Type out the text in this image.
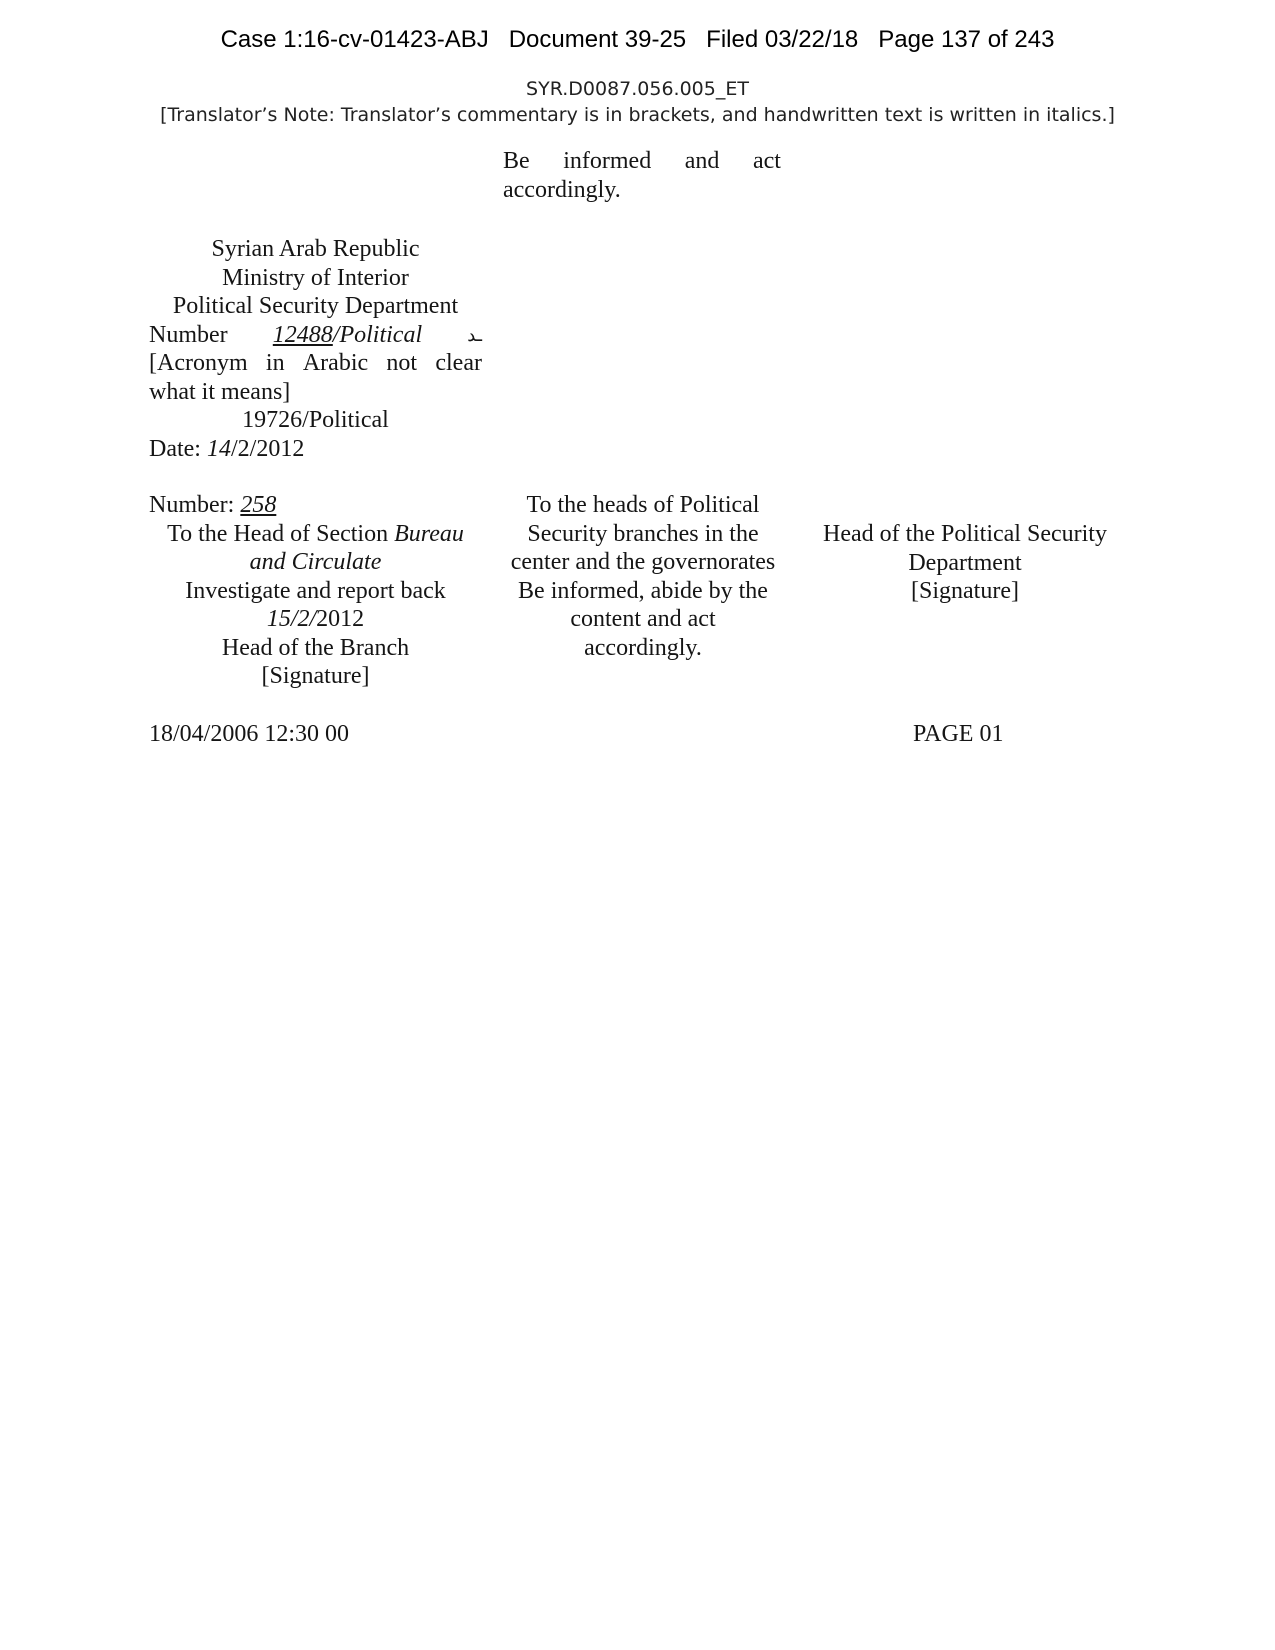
Case 1:16-cv-01423-ABJ Document 39-25 Filed 03/22/18 Page 137 of 243
SYR.D0087.056.005_ET
[Translator’s Note: Translator’s commentary is in brackets, and handwritten text is written in italics.]
Be informed and act
accordingly.
Syrian Arab Republic
Ministry of Interior
Political Security Department
Number 12488/Political	ـد
[Acronym in Arabic not clear
what it means]
19726/Political
Date: 14/2/2012
Number: 258
To the Head of Section Bureau
and Circulate
Investigate and report back
15/2/2012
Head of the Branch
[Signature]
To the heads of Political
Security branches in the
center and the governorates
Be informed, abide by the
content and act
accordingly.
Head of the Political Security
Department
[Signature]
18/04/2006 12:30 00	PAGE 01
